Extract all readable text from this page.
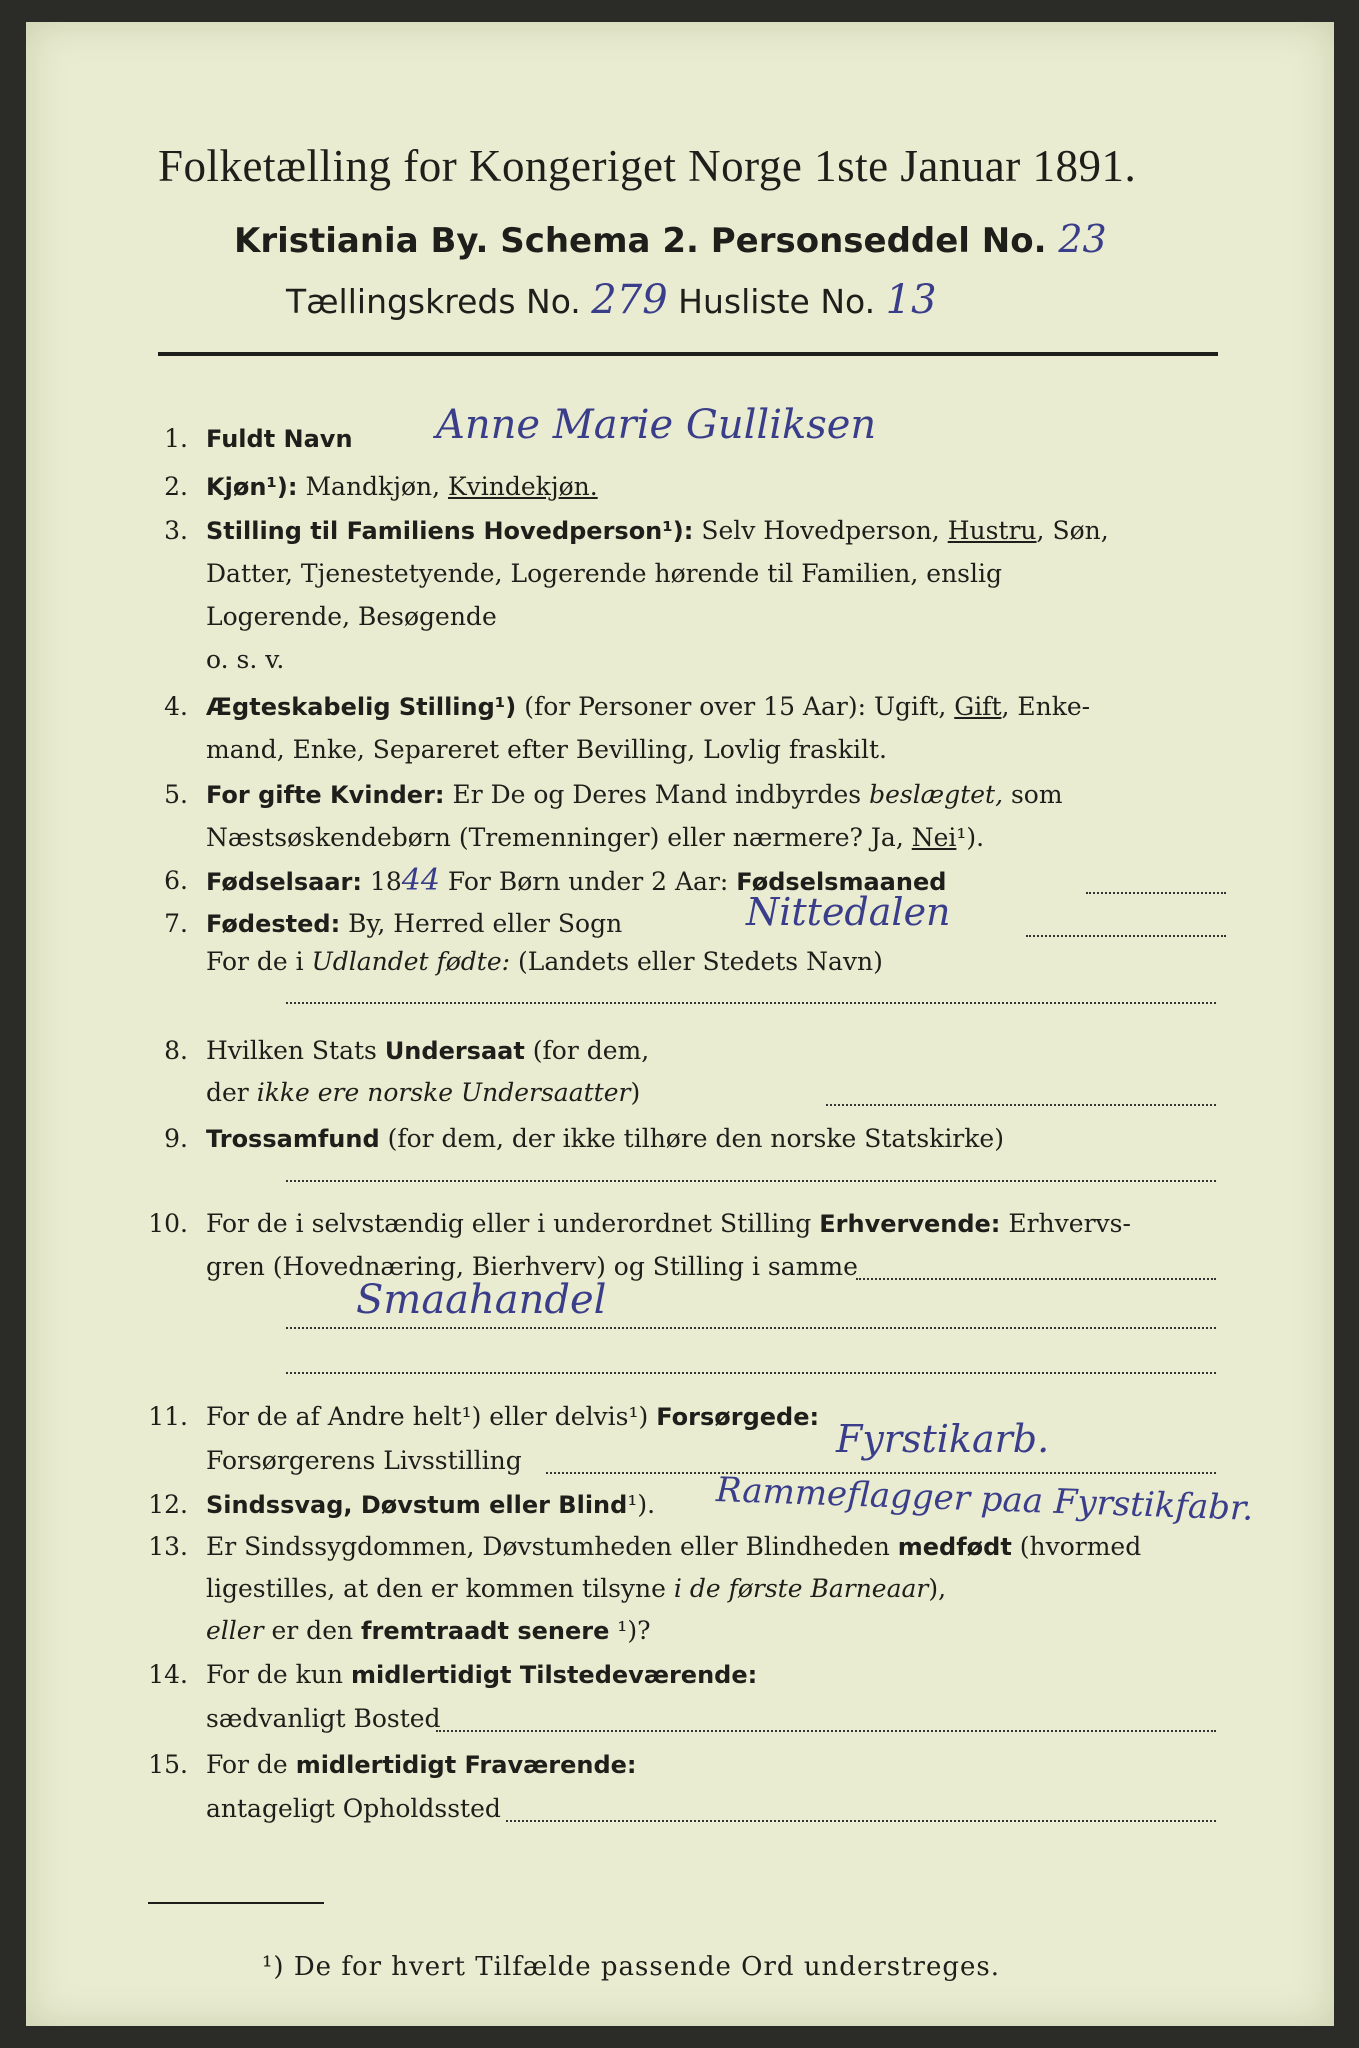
Folketælling for Kongeriget Norge 1ste Januar 1891.
Kristiania By. Schema 2. Personseddel No. 23
Tællingskreds No. 279 Husliste No. 13
1. Fuldt Navn Anne Marie Gulliksen
2. Kjøn¹): Mandkjøn, Kvindekjøn.
3. Stilling til Familiens Hovedperson¹): Selv Hovedperson, Hustru, Søn,
Datter, Tjenestetyende, Logerende hørende til Familien, enslig
Logerende, Besøgende
o. s. v.
4. Ægteskabelig Stilling¹) (for Personer over 15 Aar): Ugift, Gift, Enke-
mand, Enke, Separeret efter Bevilling, Lovlig fraskilt.
5. For gifte Kvinder: Er De og Deres Mand indbyrdes beslægtet, som
Næstsøskendebørn (Tremenninger) eller nærmere? Ja, Nei¹).
6. Fødselsaar: 1844 For Børn under 2 Aar: Fødselsmaaned
7. Fødested: By, Herred eller Sogn	Nittedalen
For de i Udlandet fødte: (Landets eller Stedets Navn)
8. Hvilken Stats Undersaat (for dem,
der ikke ere norske Undersaatter)
9. Trossamfund (for dem, der ikke tilhøre den norske Statskirke)
10. For de i selvstændig eller i underordnet Stilling Erhvervende: Erhvervs-
gren (Hovednæring, Bierhverv) og Stilling i samme
Smaahandel
11. For de af Andre helt¹) eller delvis¹) Forsørgede:
Forsørgerens Livsstilling	Fyrstikarb.
12. Sindssvag, Døvstum eller Blind¹). Rammeflagger paa Fyrstikfabr.
13. Er Sindssygdommen, Døvstumheden eller Blindheden medfødt (hvormed
ligestilles, at den er kommen tilsyne i de første Barneaar),
eller er den fremtraadt senere ¹)?
14. For de kun midlertidigt Tilstedeværende:
sædvanligt Bosted
15. For de midlertidigt Fraværende:
antageligt Opholdssted
¹) De for hvert Tilfælde passende Ord understreges.
